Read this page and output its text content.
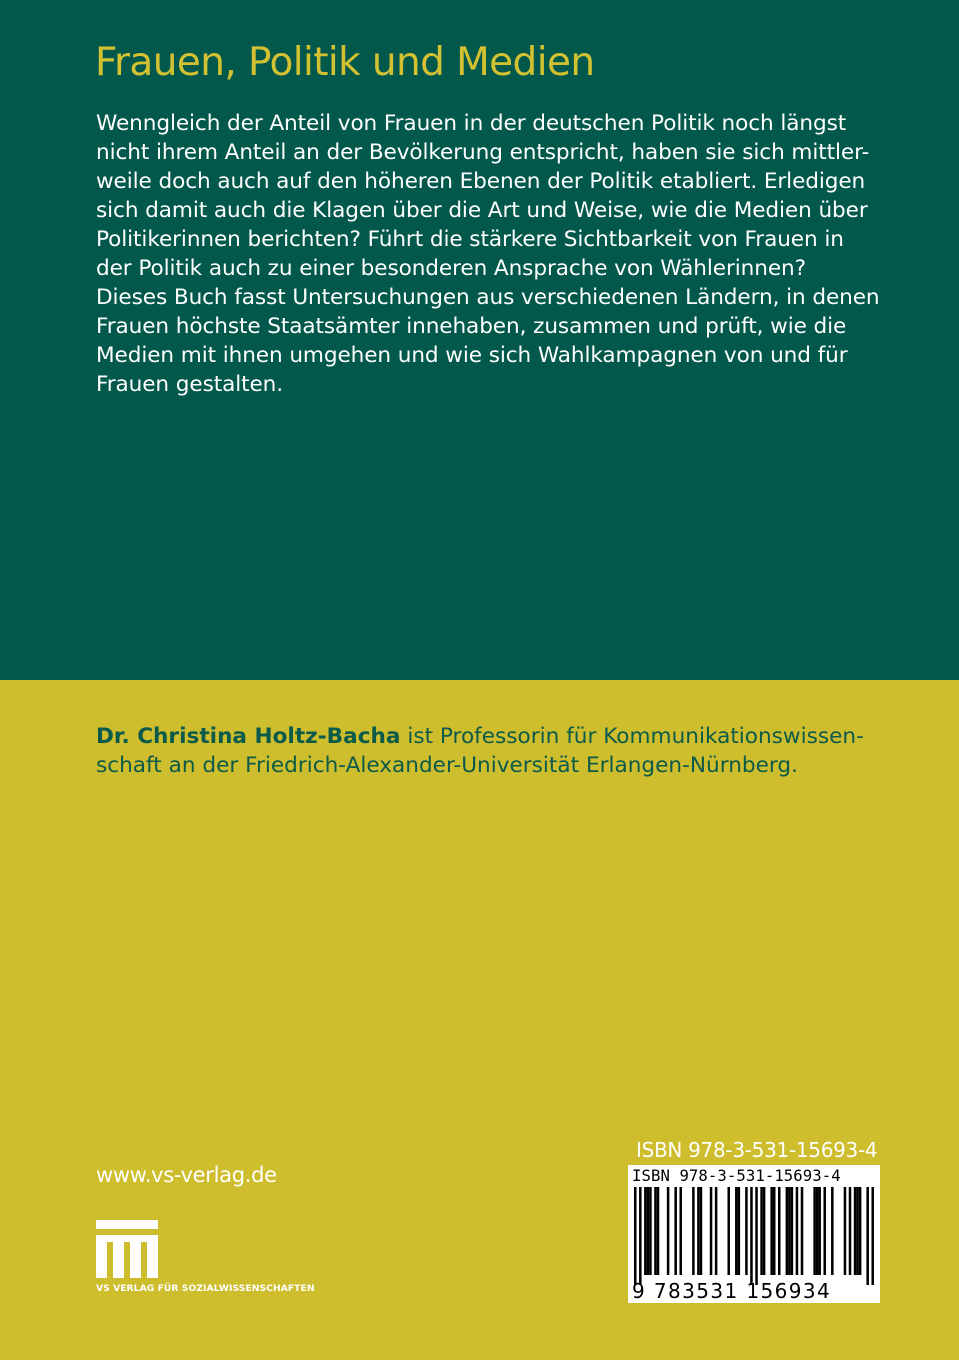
Frauen, Politik und Medien

Wenngleich der Anteil von Frauen in der deutschen Politik noch längst
nicht ihrem Anteil an der Bevölkerung entspricht, haben sie sich mittler-
weile doch auch auf den höheren Ebenen der Politik etabliert. Erledigen
sich damit auch die Klagen über die Art und Weise, wie die Medien über
Politikerinnen berichten? Führt die stärkere Sichtbarkeit von Frauen in
der Politik auch zu einer besonderen Ansprache von Wählerinnen?
Dieses Buch fasst Untersuchungen aus verschiedenen Ländern, in denen
Frauen höchste Staatsämter innehaben, zusammen und prüft, wie die
Medien mit ihnen umgehen und wie sich Wahlkampagnen von und für
Frauen gestalten.

Dr. Christina Holtz-Bacha ist Professorin für Kommunikationswissen-
schaft an der Friedrich-Alexander-Universität Erlangen-Nürnberg.

www.vs-verlag.de
VS VERLAG FÜR SOZIALWISSENSCHAFTEN
ISBN 978-3-531-15693-4
ISBN 978-3-531-15693-4
9 783531 156934
